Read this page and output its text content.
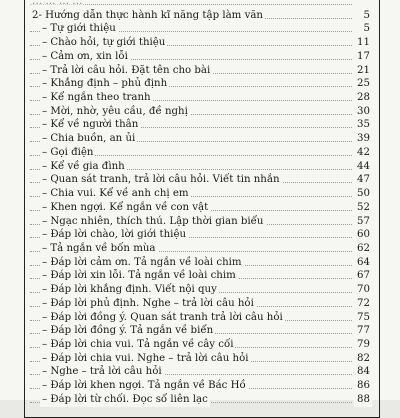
… … … …
2- Hướng dẫn thực hành kĩ năng tập làm văn	5
– Tự giới thiệu	5
– Chào hỏi, tự giới thiệu	11
– Cảm ơn, xin lỗi	17
– Trả lời câu hỏi. Đặt tên cho bài	21
– Khẳng định – phủ định	25
– Kể ngắn theo tranh	28
– Mời, nhờ, yêu cầu, đề nghị	30
– Kể về người thân	35
– Chia buồn, an ủi	39
– Gọi điện	42
– Kể về gia đình	44
– Quan sát tranh, trả lời câu hỏi. Viết tin nhắn	47
– Chia vui. Kể về anh chị em	50
– Khen ngợi. Kể ngắn về con vật	52
– Ngạc nhiên, thích thú. Lập thời gian biểu	57
– Đáp lời chào, lời giới thiệu	60
– Tả ngắn về bốn mùa	62
– Đáp lời cảm ơn. Tả ngắn về loài chim	64
– Đáp lời xin lỗi. Tả ngắn về loài chim	67
– Đáp lời khẳng định. Viết nội quy	70
– Đáp lời phủ định. Nghe – trả lời câu hỏi	72
– Đáp lời đồng ý. Quan sát tranh trả lời câu hỏi	75
– Đáp lời đồng ý. Tả ngắn về biển	77
– Đáp lời chia vui. Tả ngắn về cây cối	79
– Đáp lời chia vui. Nghe – trả lời câu hỏi	82
– Nghe – trả lời câu hỏi	84
– Đáp lời khen ngợi. Tả ngắn về Bác Hồ	86
– Đáp lời từ chối. Đọc sổ liên lạc	88
